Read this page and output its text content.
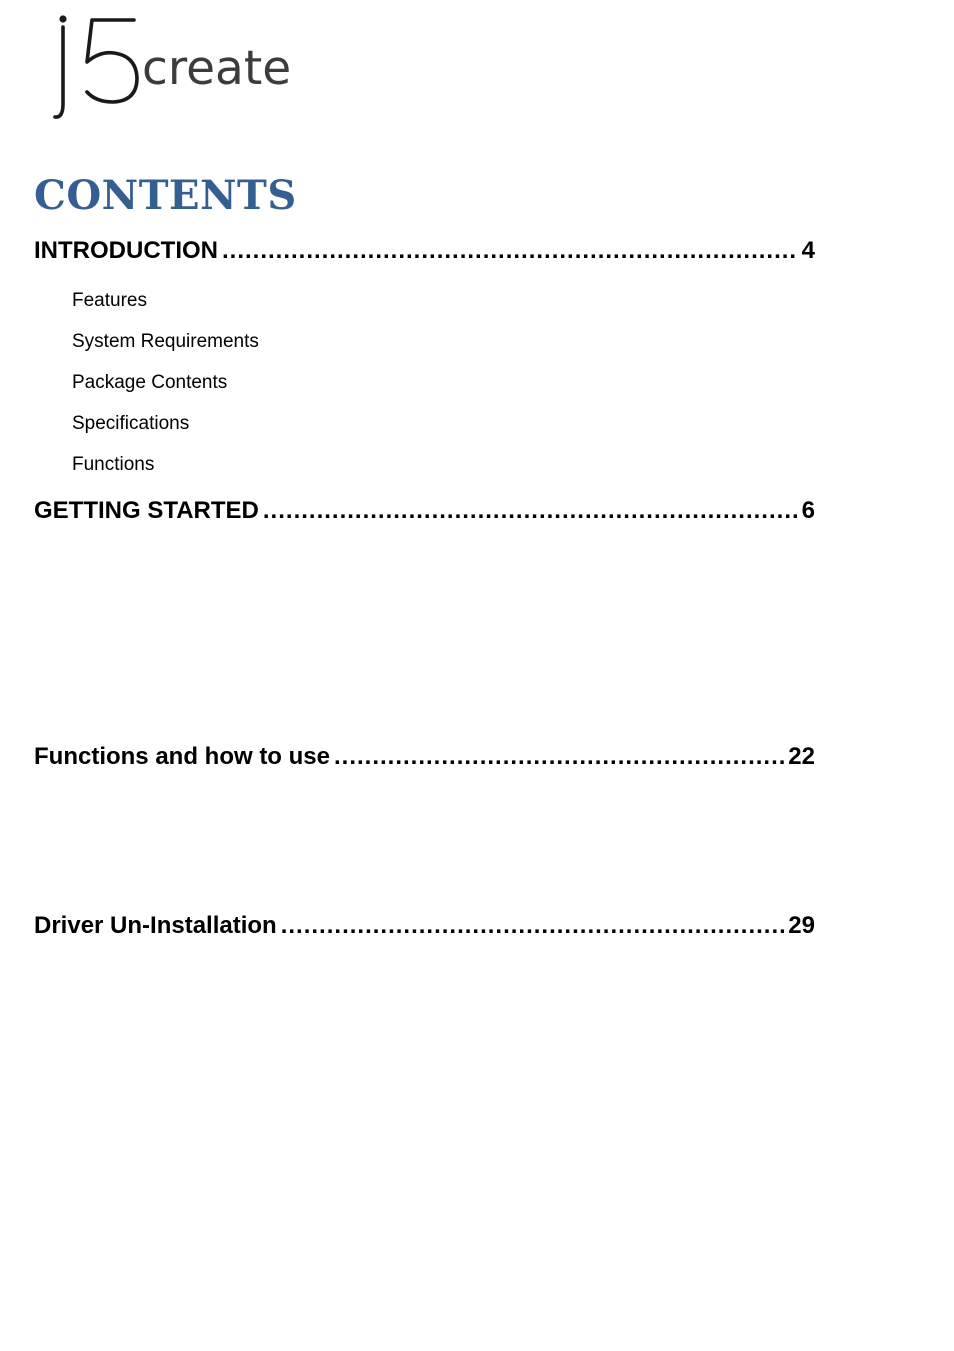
create
CONTENTS
INTRODUCTION .....	4
Features
System Requirements
Package Contents
Specifications
Functions
GETTING STARTED .....	6
Functions and how to use .....	22
Driver Un-Installation .....	29
